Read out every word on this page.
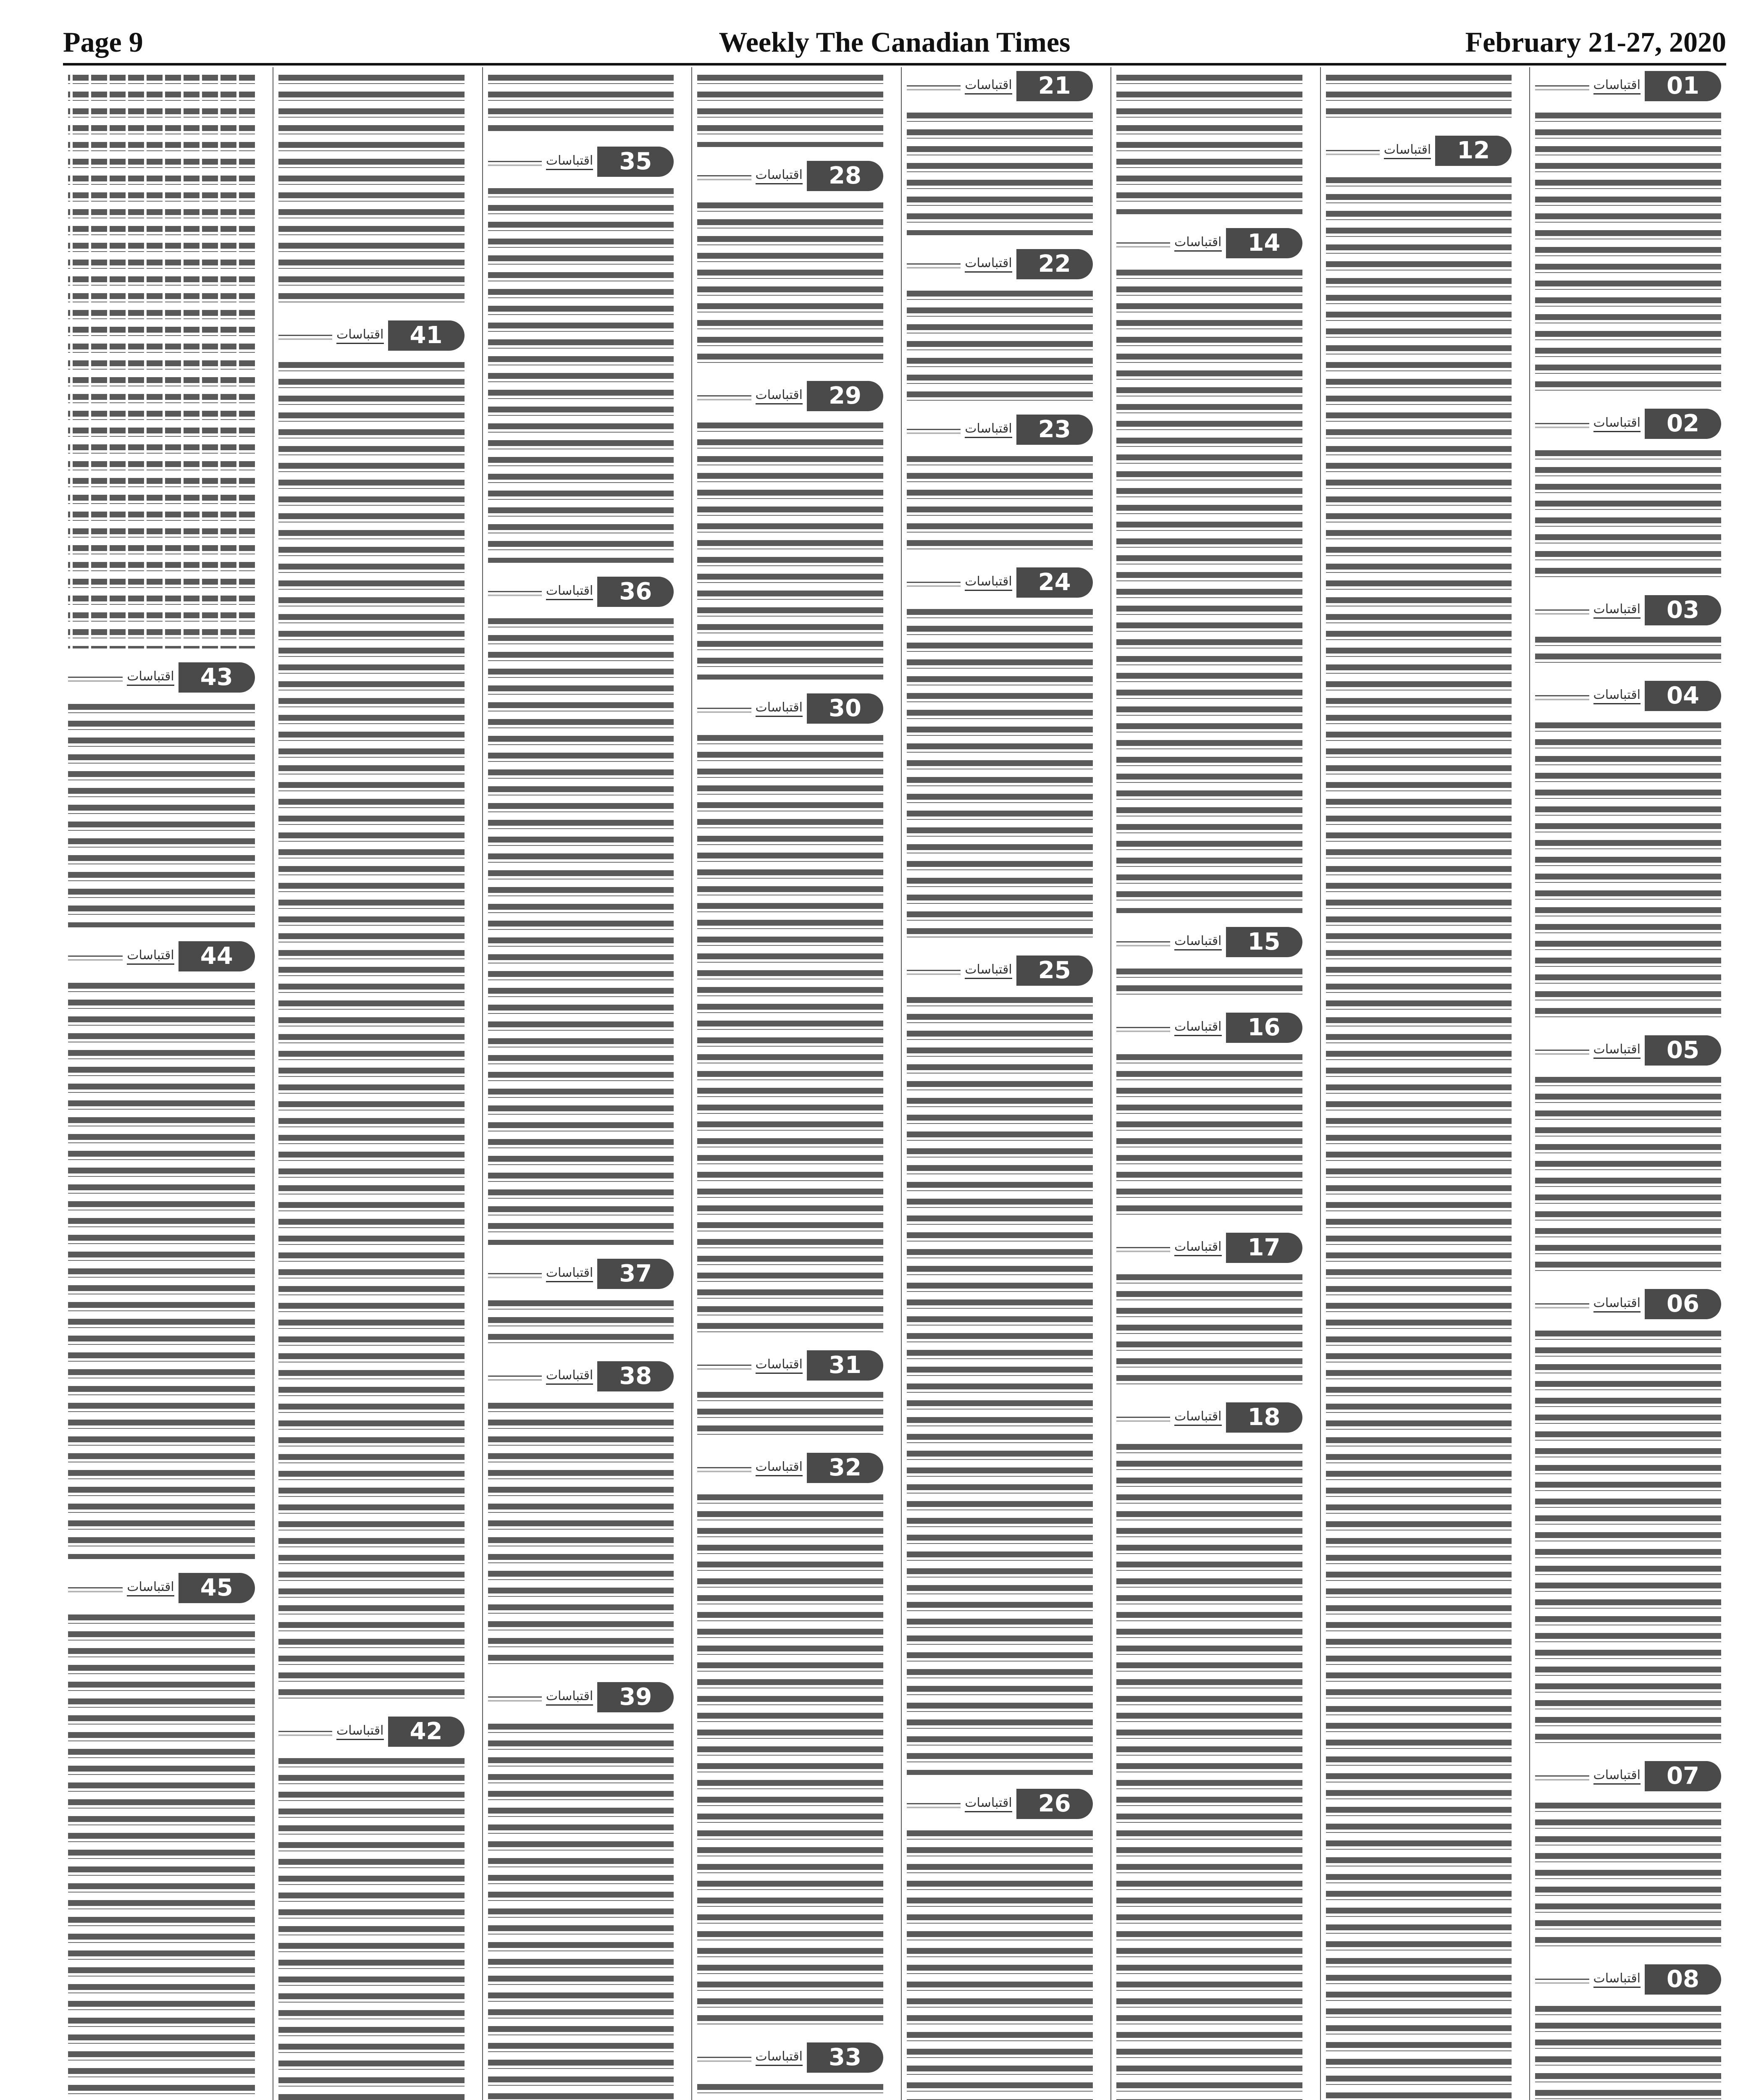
Weekly The Canadian Times
Page 9	February 21-27, 2020
43
اقتباسات
44
اقتباسات
45
اقتباسات
41
اقتباسات
42
اقتباسات
35
اقتباسات
36
اقتباسات
37
اقتباسات
38
اقتباسات
39
اقتباسات
28
اقتباسات
29
اقتباسات
30
اقتباسات
31
اقتباسات
32
اقتباسات
33
اقتباسات
21
اقتباسات
22
اقتباسات
23
اقتباسات
24
اقتباسات
25
اقتباسات
26
اقتباسات
14
اقتباسات
15
اقتباسات
16
اقتباسات
17
اقتباسات
18
اقتباسات
12
اقتباسات
01
اقتباسات
02
اقتباسات
03
اقتباسات
04
اقتباسات
05
اقتباسات
06
اقتباسات
07
اقتباسات
08
اقتباسات
